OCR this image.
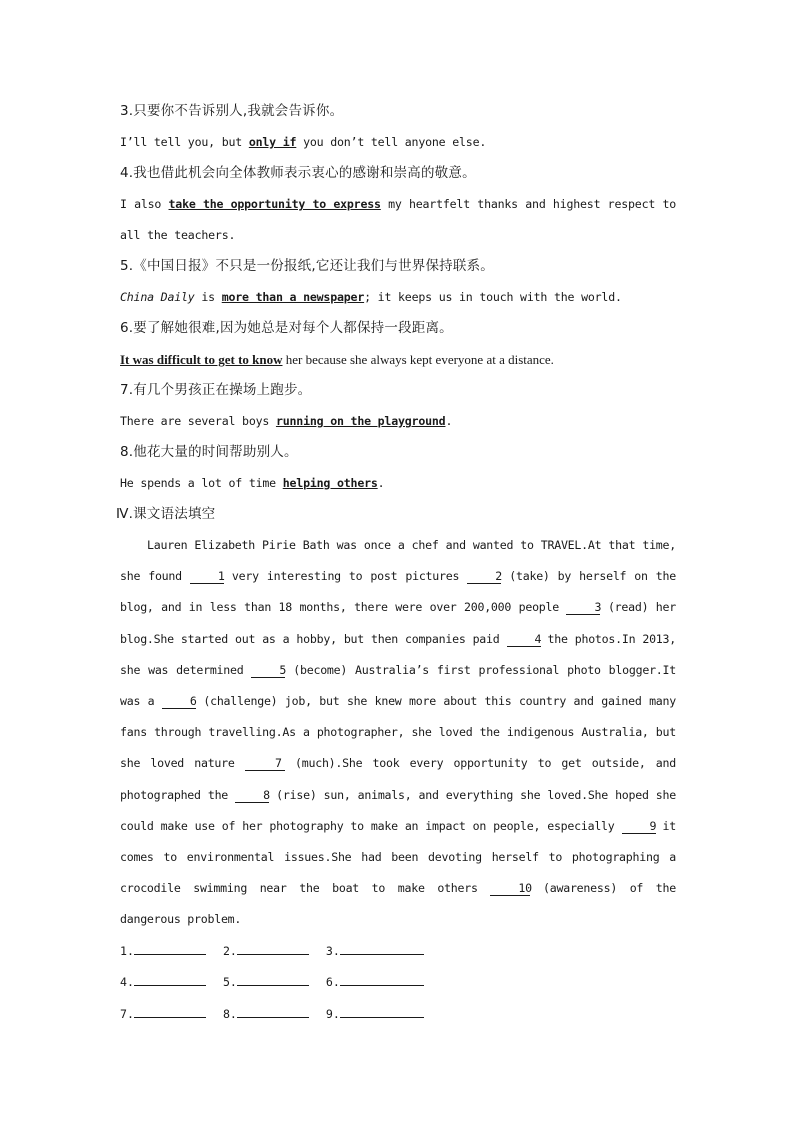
3.只要你不告诉别人,我就会告诉你。
I’ll tell you, but only if you don’t tell anyone else.
4.我也借此机会向全体教师表示衷心的感谢和崇高的敬意。
I also take the opportunity to express my heartfelt thanks and highest respect to all the teachers.
5.《中国日报》不只是一份报纸,它还让我们与世界保持联系。
China Daily is more than a newspaper; it keeps us in touch with the world.
6.要了解她很难,因为她总是对每个人都保持一段距离。
It was difficult to get to know her because she always kept everyone at a distance.
7.有几个男孩正在操场上跑步。
There are several boys running on the playground.
8.他花大量的时间帮助别人。
He spends a lot of time helping others.
Ⅳ.课文语法填空

Lauren Elizabeth Pirie Bath was once a chef and wanted to TRAVEL.At that time, she found 1 very interesting to post pictures 2 (take) by herself on the blog, and in less than 18 months, there were over 200,000 people 3 (read) her blog.She started out as a hobby, but then companies paid 4 the photos.In 2013, she was determined 5 (become) Australia’s first professional photo blogger.It was a 6 (challenge) job, but she knew more about this country and gained many fans through travelling.As a photographer, she loved the indigenous Australia, but she loved nature	7 (much).She took every opportunity to get outside, and photographed the 8 (rise) sun, animals, and everything she loved.She hoped she could make use of her photography to make an impact on people, especially 9 it comes to environmental issues.She had been devoting herself to photographing a crocodile swimming near the boat to make others 10 (awareness) of the dangerous problem.

1.	2.	3.
4.	5.	6.
7.	8.	9.
